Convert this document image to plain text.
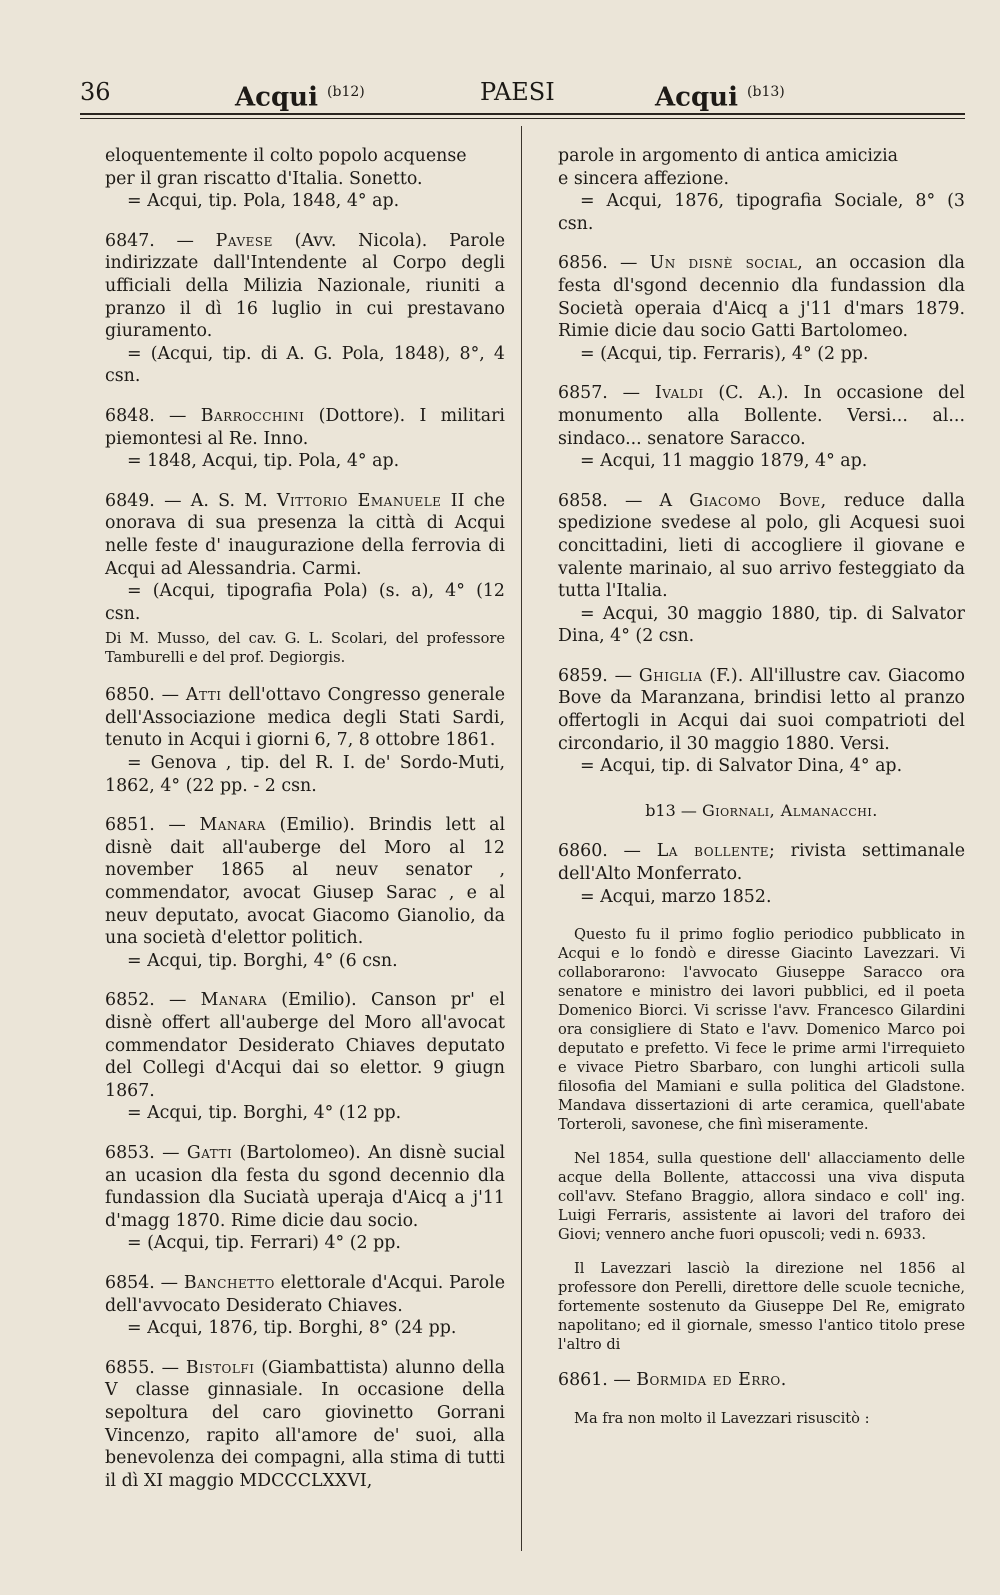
36	Acqui $^{(b12)}$	PAESI	Acqui $^{(b13)}$

eloquentemente il colto popolo acquense

per il gran riscatto d'Italia. Sonetto.

= Acqui, tip. Pola, 1848, 4° ap.

6847. — Pavese (Avv. Nicola). Parole indirizzate dall'Intendente al Corpo degli ufficiali della Milizia Nazionale, riuniti a pranzo il dì 16 luglio in cui prestavano giuramento.

= (Acqui, tip. di A. G. Pola, 1848), 8°, 4 csn.

6848. — Barrocchini (Dottore). I militari piemontesi al Re. Inno.

= 1848, Acqui, tip. Pola, 4° ap.

6849. — A. S. M. Vittorio Emanuele II che onorava di sua presenza la città di Acqui nelle feste d' inaugurazione della ferrovia di Acqui ad Alessandria. Carmi.

= (Acqui, tipografia Pola) (s. a), 4° (12 csn.

Di M. Musso, del cav. G. L. Scolari, del professore Tamburelli e del prof. Degiorgis.

6850. — Atti dell'ottavo Congresso generale dell'Associazione medica degli Stati Sardi, tenuto in Acqui i giorni 6, 7, 8 ottobre 1861.

= Genova , tip. del R. I. de' Sordo-Muti, 1862, 4° (22 pp. - 2 csn.

6851. — Manara (Emilio). Brindis lett al disnè dait all'auberge del Moro al 12 november 1865 al neuv senator , commendator, avocat Giusep Sarac , e al neuv deputato, avocat Giacomo Gianolio, da una società d'elettor politich.

= Acqui, tip. Borghi, 4° (6 csn.

6852. — Manara (Emilio). Canson pr' el disnè offert all'auberge del Moro all'avocat commendator Desiderato Chiaves deputato del Collegi d'Acqui dai so elettor. 9 giugn 1867.

= Acqui, tip. Borghi, 4° (12 pp.

6853. — Gatti (Bartolomeo). An disnè sucial an ucasion dla festa du sgond decennio dla fundassion dla Suciatà uperaja d'Aicq a j'11 d'magg 1870. Rime dicie dau socio.

= (Acqui, tip. Ferrari) 4° (2 pp.

6854. — Banchetto elettorale d'Acqui. Parole dell'avvocato Desiderato Chiaves.

= Acqui, 1876, tip. Borghi, 8° (24 pp.

6855. — Bistolfi (Giambattista) alunno della V classe ginnasiale. In occasione della sepoltura del caro giovinetto Gorrani Vincenzo, rapito all'amore de' suoi, alla benevolenza dei compagni, alla stima di tutti il dì XI maggio MDCCCLXXVI,

parole in argomento di antica amicizia

e sincera affezione.

= Acqui, 1876, tipografia Sociale, 8° (3 csn.

6856. — Un disnè social, an occasion dla festa dl'sgond decennio dla fundassion dla Società operaia d'Aicq a j'11 d'mars 1879. Rimie dicie dau socio Gatti Bartolomeo.

= (Acqui, tip. Ferraris), 4° (2 pp.

6857. — Ivaldi (C. A.). In occasione del monumento alla Bollente. Versi... al... sindaco... senatore Saracco.

= Acqui, 11 maggio 1879, 4° ap.

6858. — A Giacomo Bove, reduce dalla spedizione svedese al polo, gli Acquesi suoi concittadini, lieti di accogliere il giovane e valente marinaio, al suo arrivo festeggiato da tutta l'Italia.

= Acqui, 30 maggio 1880, tip. di Salvator Dina, 4° (2 csn.

6859. — Ghiglia (F.). All'illustre cav. Giacomo Bove da Maranzana, brindisi letto al pranzo offertogli in Acqui dai suoi compatrioti del circondario, il 30 maggio 1880. Versi.

= Acqui, tip. di Salvator Dina, 4° ap.

b13 — Giornali, Almanacchi.

6860. — La bollente; rivista settimanale dell'Alto Monferrato.

= Acqui, marzo 1852.

Questo fu il primo foglio periodico pubblicato in Acqui e lo fondò e diresse Giacinto Lavezzari. Vi collaborarono: l'avvocato Giuseppe Saracco ora senatore e ministro dei lavori pubblici, ed il poeta Domenico Biorci. Vi scrisse l'avv. Francesco Gilardini ora consigliere di Stato e l'avv. Domenico Marco poi deputato e prefetto. Vi fece le prime armi l'irrequieto e vivace Pietro Sbarbaro, con lunghi articoli sulla filosofia del Mamiani e sulla politica del Gladstone. Mandava dissertazioni di arte ceramica, quell'abate Torteroli, savonese, che finì miseramente.

Nel 1854, sulla questione dell' allacciamento delle acque della Bollente, attaccossi una viva disputa coll'avv. Stefano Braggio, allora sindaco e coll' ing. Luigi Ferraris, assistente ai lavori del traforo dei Giovi; vennero anche fuori opuscoli; vedi n. 6933.

Il Lavezzari lasciò la direzione nel 1856 al professore don Perelli, direttore delle scuole tecniche, fortemente sostenuto da Giuseppe Del Re, emigrato napolitano; ed il giornale, smesso l'antico titolo prese l'altro di

6861. — Bormida ed Erro.

Ma fra non molto il Lavezzari risuscitò :
